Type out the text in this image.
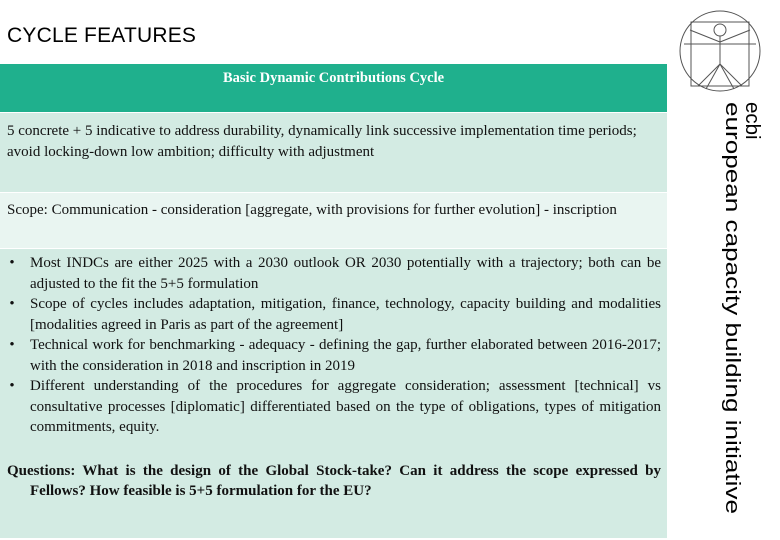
CYCLE FEATURES
Basic Dynamic Contributions Cycle
5 concrete + 5 indicative to address durability, dynamically link successive implementation time periods; avoid locking-down low ambition; difficulty with adjustment
Scope: Communication - consideration [aggregate, with provisions for further evolution] - inscription
• Most INDCs are either 2025 with a 2030 outlook OR 2030 potentially with a trajectory; both can be adjusted to the fit the 5+5 formulation
• Scope of cycles includes adaptation, mitigation, finance, technology, capacity building and modalities [modalities agreed in Paris as part of the agreement]
• Technical work for benchmarking - adequacy - defining the gap, further elaborated between 2016-2017; with the consideration in 2018 and inscription in 2019
• Different understanding of the procedures for aggregate consideration; assessment [technical] vs consultative processes [diplomatic] differentiated based on the type of obligations, types of mitigation commitments, equity.
Questions: What is the design of the Global Stock-take? Can it address the scope expressed by Fellows? How feasible is 5+5 formulation for the EU?
european capacity building initiative
ecbi
